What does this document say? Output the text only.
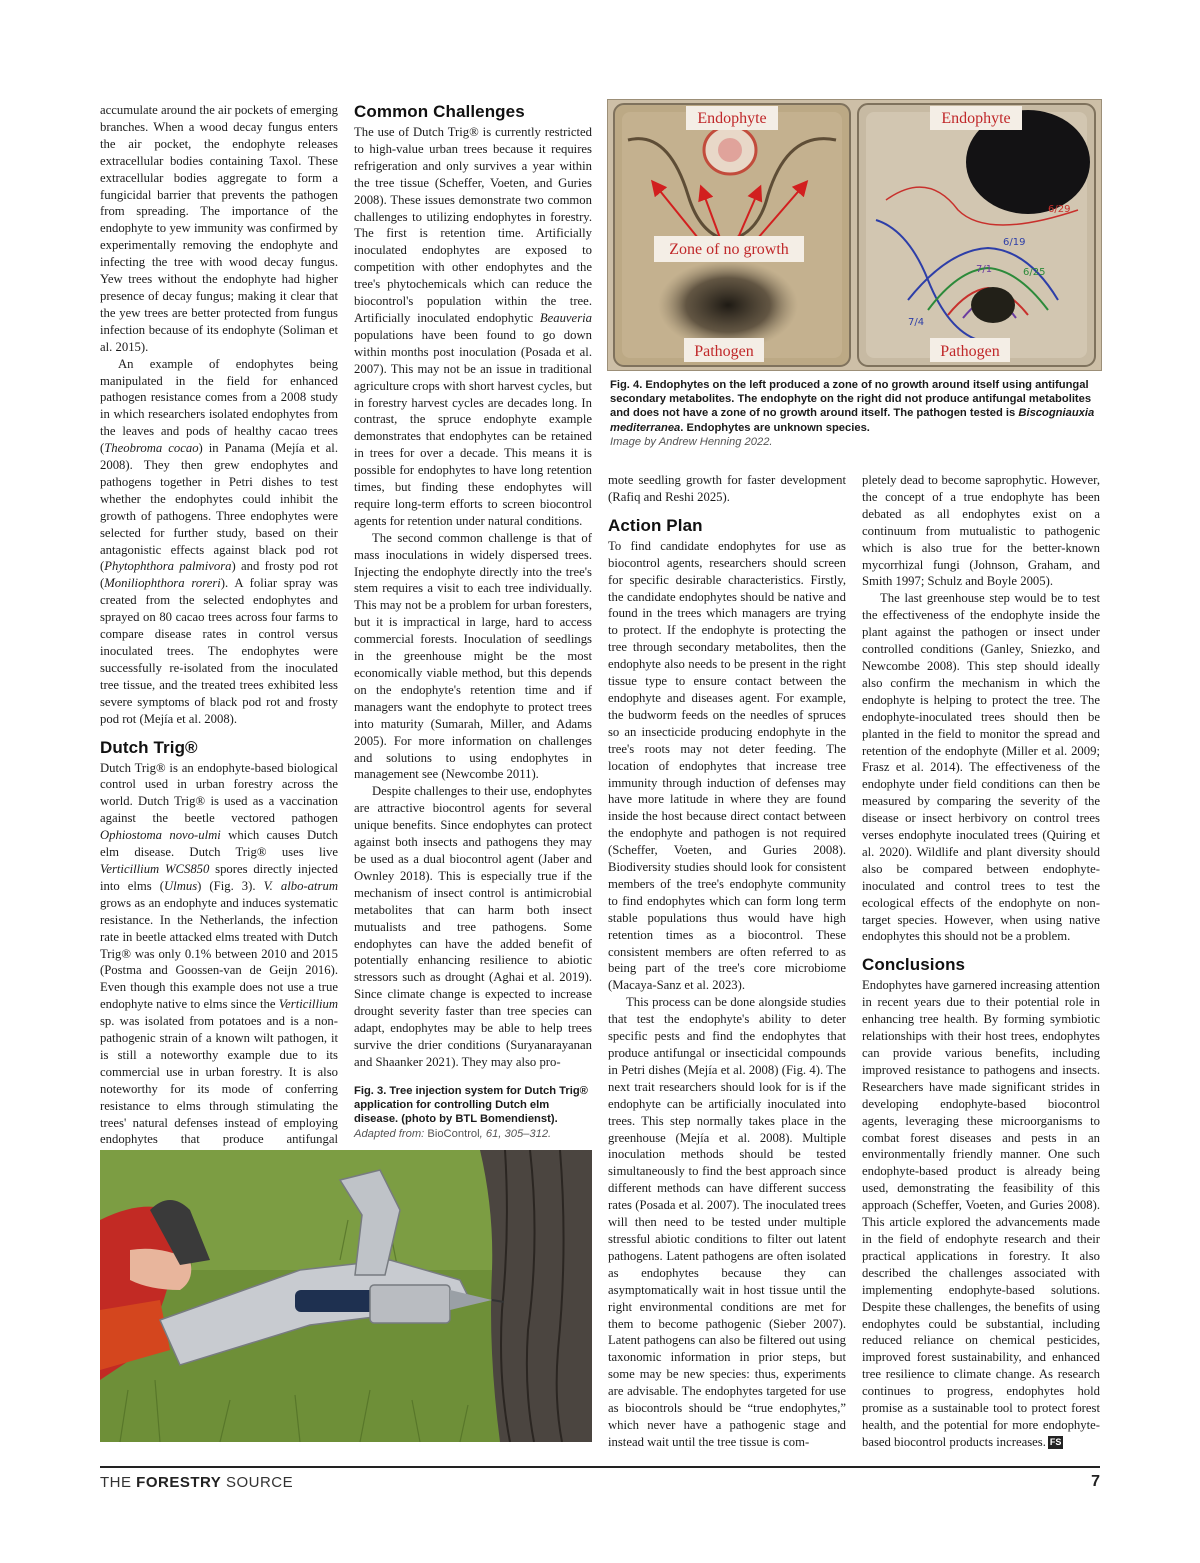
accumulate around the air pockets of emerging branches. When a wood decay fungus enters the air pocket, the endophyte releases extracellular bodies containing Taxol. These extracellular bodies aggregate to form a fungicidal barrier that prevents the pathogen from spreading. The importance of the endophyte to yew immunity was confirmed by experimentally removing the endophyte and infecting the tree with wood decay fungus. Yew trees without the endophyte had higher presence of decay fungus; making it clear that the yew trees are better protected from fungus infection because of its endophyte (Soliman et al. 2015).

An example of endophytes being manipulated in the field for enhanced pathogen resistance comes from a 2008 study in which researchers isolated endophytes from the leaves and pods of healthy cacao trees (Theobroma cocao) in Panama (Mejía et al. 2008). They then grew endophytes and pathogens together in Petri dishes to test whether the endophytes could inhibit the growth of pathogens. Three endophytes were selected for further study, based on their antagonistic effects against black pod rot (Phytophthora palmivora) and frosty pod rot (Moniliophthora roreri). A foliar spray was created from the selected endophytes and sprayed on 80 cacao trees across four farms to compare disease rates in control versus inoculated trees. The endophytes were successfully re-isolated from the inoculated tree tissue, and the treated trees exhibited less severe symptoms of black pod rot and frosty pod rot (Mejía et al. 2008).

Dutch Trig®

Dutch Trig® is an endophyte-based biological control used in urban forestry across the world. Dutch Trig® is used as a vaccination against the beetle vectored pathogen Ophiostoma novo-ulmi which causes Dutch elm disease. Dutch Trig® uses live Verticillium WCS850 spores directly injected into elms (Ulmus) (Fig. 3). V. albo-atrum grows as an endophyte and induces systematic resistance. In the Netherlands, the infection rate in beetle attacked elms treated with Dutch Trig® was only 0.1% between 2010 and 2015 (Postma and Goossen-van de Geijn 2016). Even though this example does not use a true endophyte native to elms since the Verticillium sp. was isolated from potatoes and is a non-pathogenic strain of a known wilt pathogen, it is still a noteworthy example due to its commercial use in urban forestry. It is also noteworthy for its mode of conferring resistance to elms through stimulating the trees' natural defenses instead of employing endophytes that produce antifungal

Common Challenges

The use of Dutch Trig® is currently restricted to high-value urban trees because it requires refrigeration and only survives a year within the tree tissue (Scheffer, Voeten, and Guries 2008). These issues demonstrate two common challenges to utilizing endophytes in forestry. The first is retention time. Artificially inoculated endophytes are exposed to competition with other endophytes and the tree's phytochemicals which can reduce the biocontrol's population within the tree. Artificially inoculated endophytic Beauveria populations have been found to go down within months post inoculation (Posada et al. 2007). This may not be an issue in traditional agriculture crops with short harvest cycles, but in forestry harvest cycles are decades long. In contrast, the spruce endophyte example demonstrates that endophytes can be retained in trees for over a decade. This means it is possible for endophytes to have long retention times, but finding these endophytes will require long-term efforts to screen biocontrol agents for retention under natural conditions.

The second common challenge is that of mass inoculations in widely dispersed trees. Injecting the endophyte directly into the tree's stem requires a visit to each tree individually. This may not be a problem for urban foresters, but it is impractical in large, hard to access commercial forests. Inoculation of seedlings in the greenhouse might be the most economically viable method, but this depends on the endophyte's retention time and if managers want the endophyte to protect trees into maturity (Sumarah, Miller, and Adams 2005). For more information on challenges and solutions to using endophytes in management see (Newcombe 2011).

Despite challenges to their use, endophytes are attractive biocontrol agents for several unique benefits. Since endophytes can protect against both insects and pathogens they may be used as a dual biocontrol agent (Jaber and Ownley 2018). This is especially true if the mechanism of insect control is antimicrobial metabolites that can harm both insect mutualists and tree pathogens. Some endophytes can have the added benefit of potentially enhancing resilience to abiotic stressors such as drought (Aghai et al. 2019). Since climate change is expected to increase drought severity faster than tree species can adapt, endophytes may be able to help trees survive the drier conditions (Suryanarayanan and Shaanker 2021). They may also pro-

6/19
6/25
7/1
6/29
7/4
Endophyte	Endophyte
Zone of no growth
Pathogen	Pathogen
Fig. 4. Endophytes on the left produced a zone of no growth around itself using antifungal secondary metabolites. The endophyte on the right did not produce antifungal metabolites and does not have a zone of no growth around itself. The pathogen tested is Biscogniauxia mediterranea. Endophytes are unknown species.
Image by Andrew Henning 2022.
Fig. 3. Tree injection system for Dutch Trig® application for controlling Dutch elm disease. (photo by BTL Bomendienst).
Adapted from: BioControl, 61, 305–312.

mote seedling growth for faster development (Rafiq and Reshi 2025).

Action Plan

To find candidate endophytes for use as biocontrol agents, researchers should screen for specific desirable characteristics. Firstly, the candidate endophytes should be native and found in the trees which managers are trying to protect. If the endophyte is protecting the tree through secondary metabolites, then the endophyte also needs to be present in the right tissue type to ensure contact between the endophyte and diseases agent. For example, the budworm feeds on the needles of spruces so an insecticide producing endophyte in the tree's roots may not deter feeding. The location of endophytes that increase tree immunity through induction of defenses may have more latitude in where they are found inside the host because direct contact between the endophyte and pathogen is not required (Scheffer, Voeten, and Guries 2008). Biodiversity studies should look for consistent members of the tree's endophyte community to find endophytes which can form long term stable populations thus would have high retention times as a biocontrol. These consistent members are often referred to as being part of the tree's core microbiome (Macaya-Sanz et al. 2023).

This process can be done alongside studies that test the endophyte's ability to deter specific pests and find the endophytes that produce antifungal or insecticidal compounds in Petri dishes (Mejía et al. 2008) (Fig. 4). The next trait researchers should look for is if the endophyte can be artificially inoculated into trees. This step normally takes place in the greenhouse (Mejía et al. 2008). Multiple inoculation methods should be tested simultaneously to find the best approach since different methods can have different success rates (Posada et al. 2007). The inoculated trees will then need to be tested under multiple stressful abiotic conditions to filter out latent pathogens. Latent pathogens are often isolated as endophytes because they can asymptomatically wait in host tissue until the right environmental conditions are met for them to become pathogenic (Sieber 2007). Latent pathogens can also be filtered out using taxonomic information in prior steps, but some may be new species: thus, experiments are advisable. The endophytes targeted for use as biocontrols should be “true endophytes,” which never have a pathogenic stage and instead wait until the tree tissue is com-

pletely dead to become saprophytic. However, the concept of a true endophyte has been debated as all endophytes exist on a continuum from mutualistic to pathogenic which is also true for the better-known mycorrhizal fungi (Johnson, Graham, and Smith 1997; Schulz and Boyle 2005).

The last greenhouse step would be to test the effectiveness of the endophyte inside the plant against the pathogen or insect under controlled conditions (Ganley, Sniezko, and Newcombe 2008). This step should ideally also confirm the mechanism in which the endophyte is helping to protect the tree. The endophyte-inoculated trees should then be planted in the field to monitor the spread and retention of the endophyte (Miller et al. 2009; Frasz et al. 2014). The effectiveness of the endophyte under field conditions can then be measured by comparing the severity of the disease or insect herbivory on control trees verses endophyte inoculated trees (Quiring et al. 2020). Wildlife and plant diversity should also be compared between endophyte-inoculated and control trees to test the ecological effects of the endophyte on non-target species. However, when using native endophytes this should not be a problem.

Conclusions

Endophytes have garnered increasing attention in recent years due to their potential role in enhancing tree health. By forming symbiotic relationships with their host trees, endophytes can provide various benefits, including improved resistance to pathogens and insects. Researchers have made significant strides in developing endophyte-based biocontrol agents, leveraging these microorganisms to combat forest diseases and pests in an environmentally friendly manner. One such endophyte-based product is already being used, demonstrating the feasibility of this approach (Scheffer, Voeten, and Guries 2008). This article explored the advancements made in the field of endophyte research and their practical applications in forestry. It also described the challenges associated with implementing endophyte-based solutions. Despite these challenges, the benefits of using endophytes could be substantial, including reduced reliance on chemical pesticides, improved forest sustainability, and enhanced tree resilience to climate change. As research continues to progress, endophytes hold promise as a sustainable tool to protect forest health, and the potential for more endophyte-based biocontrol products increases. FS

THE FORESTRY SOURCE	7
